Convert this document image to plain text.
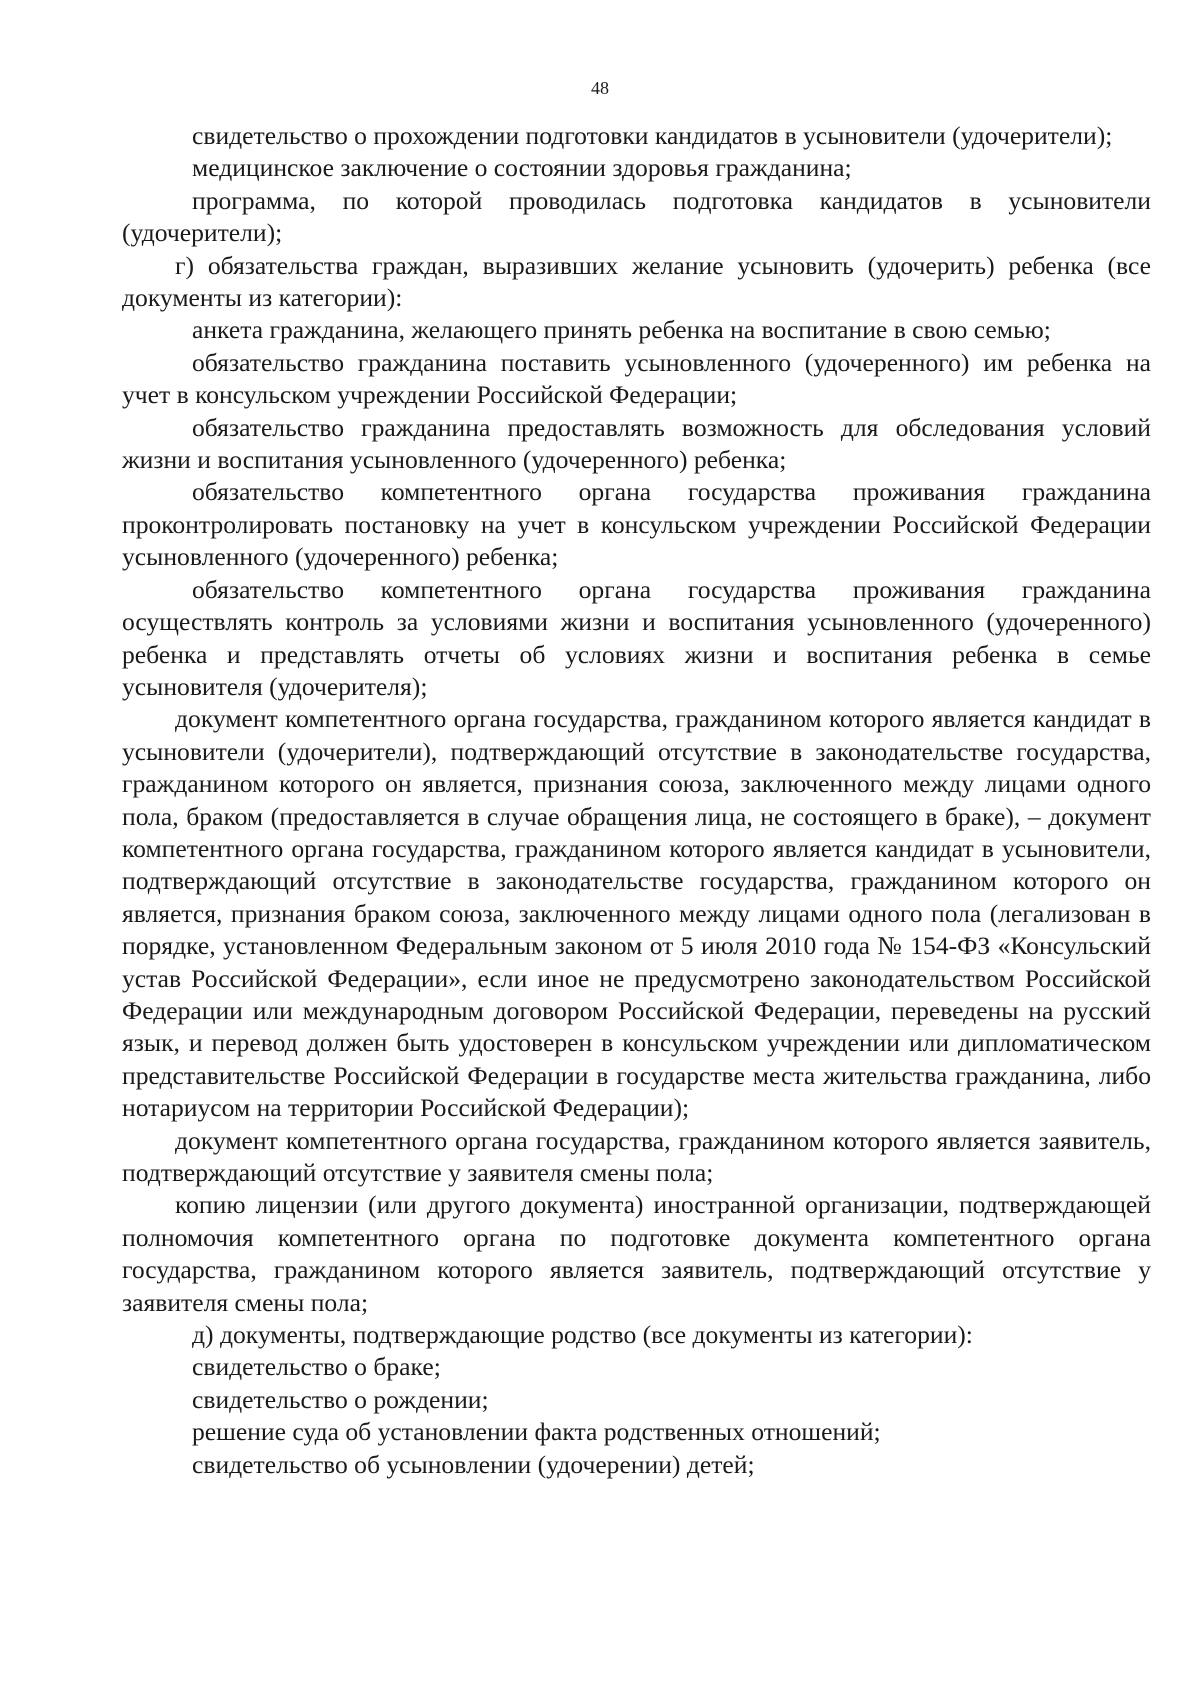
48

свидетельство о прохождении подготовки кандидатов в усыновители (удочерители);

медицинское заключение о состоянии здоровья гражданина;

программа, по которой проводилась подготовка кандидатов в усыновители (удочерители);

г) обязательства граждан, выразивших желание усыновить (удочерить) ребенка (все документы из категории):

анкета гражданина, желающего принять ребенка на воспитание в свою семью;

обязательство гражданина поставить усыновленного (удочеренного) им ребенка на учет в консульском учреждении Российской Федерации;

обязательство гражданина предоставлять возможность для обследования условий жизни и воспитания усыновленного (удочеренного) ребенка;

обязательство компетентного органа государства проживания гражданина проконтролировать постановку на учет в консульском учреждении Российской Федерации усыновленного (удочеренного) ребенка;

обязательство компетентного органа государства проживания гражданина осуществлять контроль за условиями жизни и воспитания усыновленного (удочеренного) ребенка и представлять отчеты об условиях жизни и воспитания ребенка в семье усыновителя (удочерителя);

документ компетентного органа государства, гражданином которого является кандидат в усыновители (удочерители), подтверждающий отсутствие в законодательстве государства, гражданином которого он является, признания союза, заключенного между лицами одного пола, браком (предоставляется в случае обращения лица, не состоящего в браке), – документ компетентного органа государства, гражданином которого является кандидат в усыновители, подтверждающий отсутствие в законодательстве государства, гражданином которого он является, признания браком союза, заключенного между лицами одного пола (легализован в порядке, установленном Федеральным законом от 5 июля 2010 года № 154-ФЗ «Консульский устав Российской Федерации», если иное не предусмотрено законодательством Российской Федерации или международным договором Российской Федерации, переведены на русский язык, и перевод должен быть удостоверен в консульском учреждении или дипломатическом представительстве Российской Федерации в государстве места жительства гражданина, либо нотариусом на территории Российской Федерации);

документ компетентного органа государства, гражданином которого является заявитель, подтверждающий отсутствие у заявителя смены пола;

копию лицензии (или другого документа) иностранной организации, подтверждающей полномочия компетентного органа по подготовке документа компетентного органа государства, гражданином которого является заявитель, подтверждающий отсутствие у заявителя смены пола;

д) документы, подтверждающие родство (все документы из категории):

свидетельство о браке;

свидетельство о рождении;

решение суда об установлении факта родственных отношений;

свидетельство об усыновлении (удочерении) детей;
